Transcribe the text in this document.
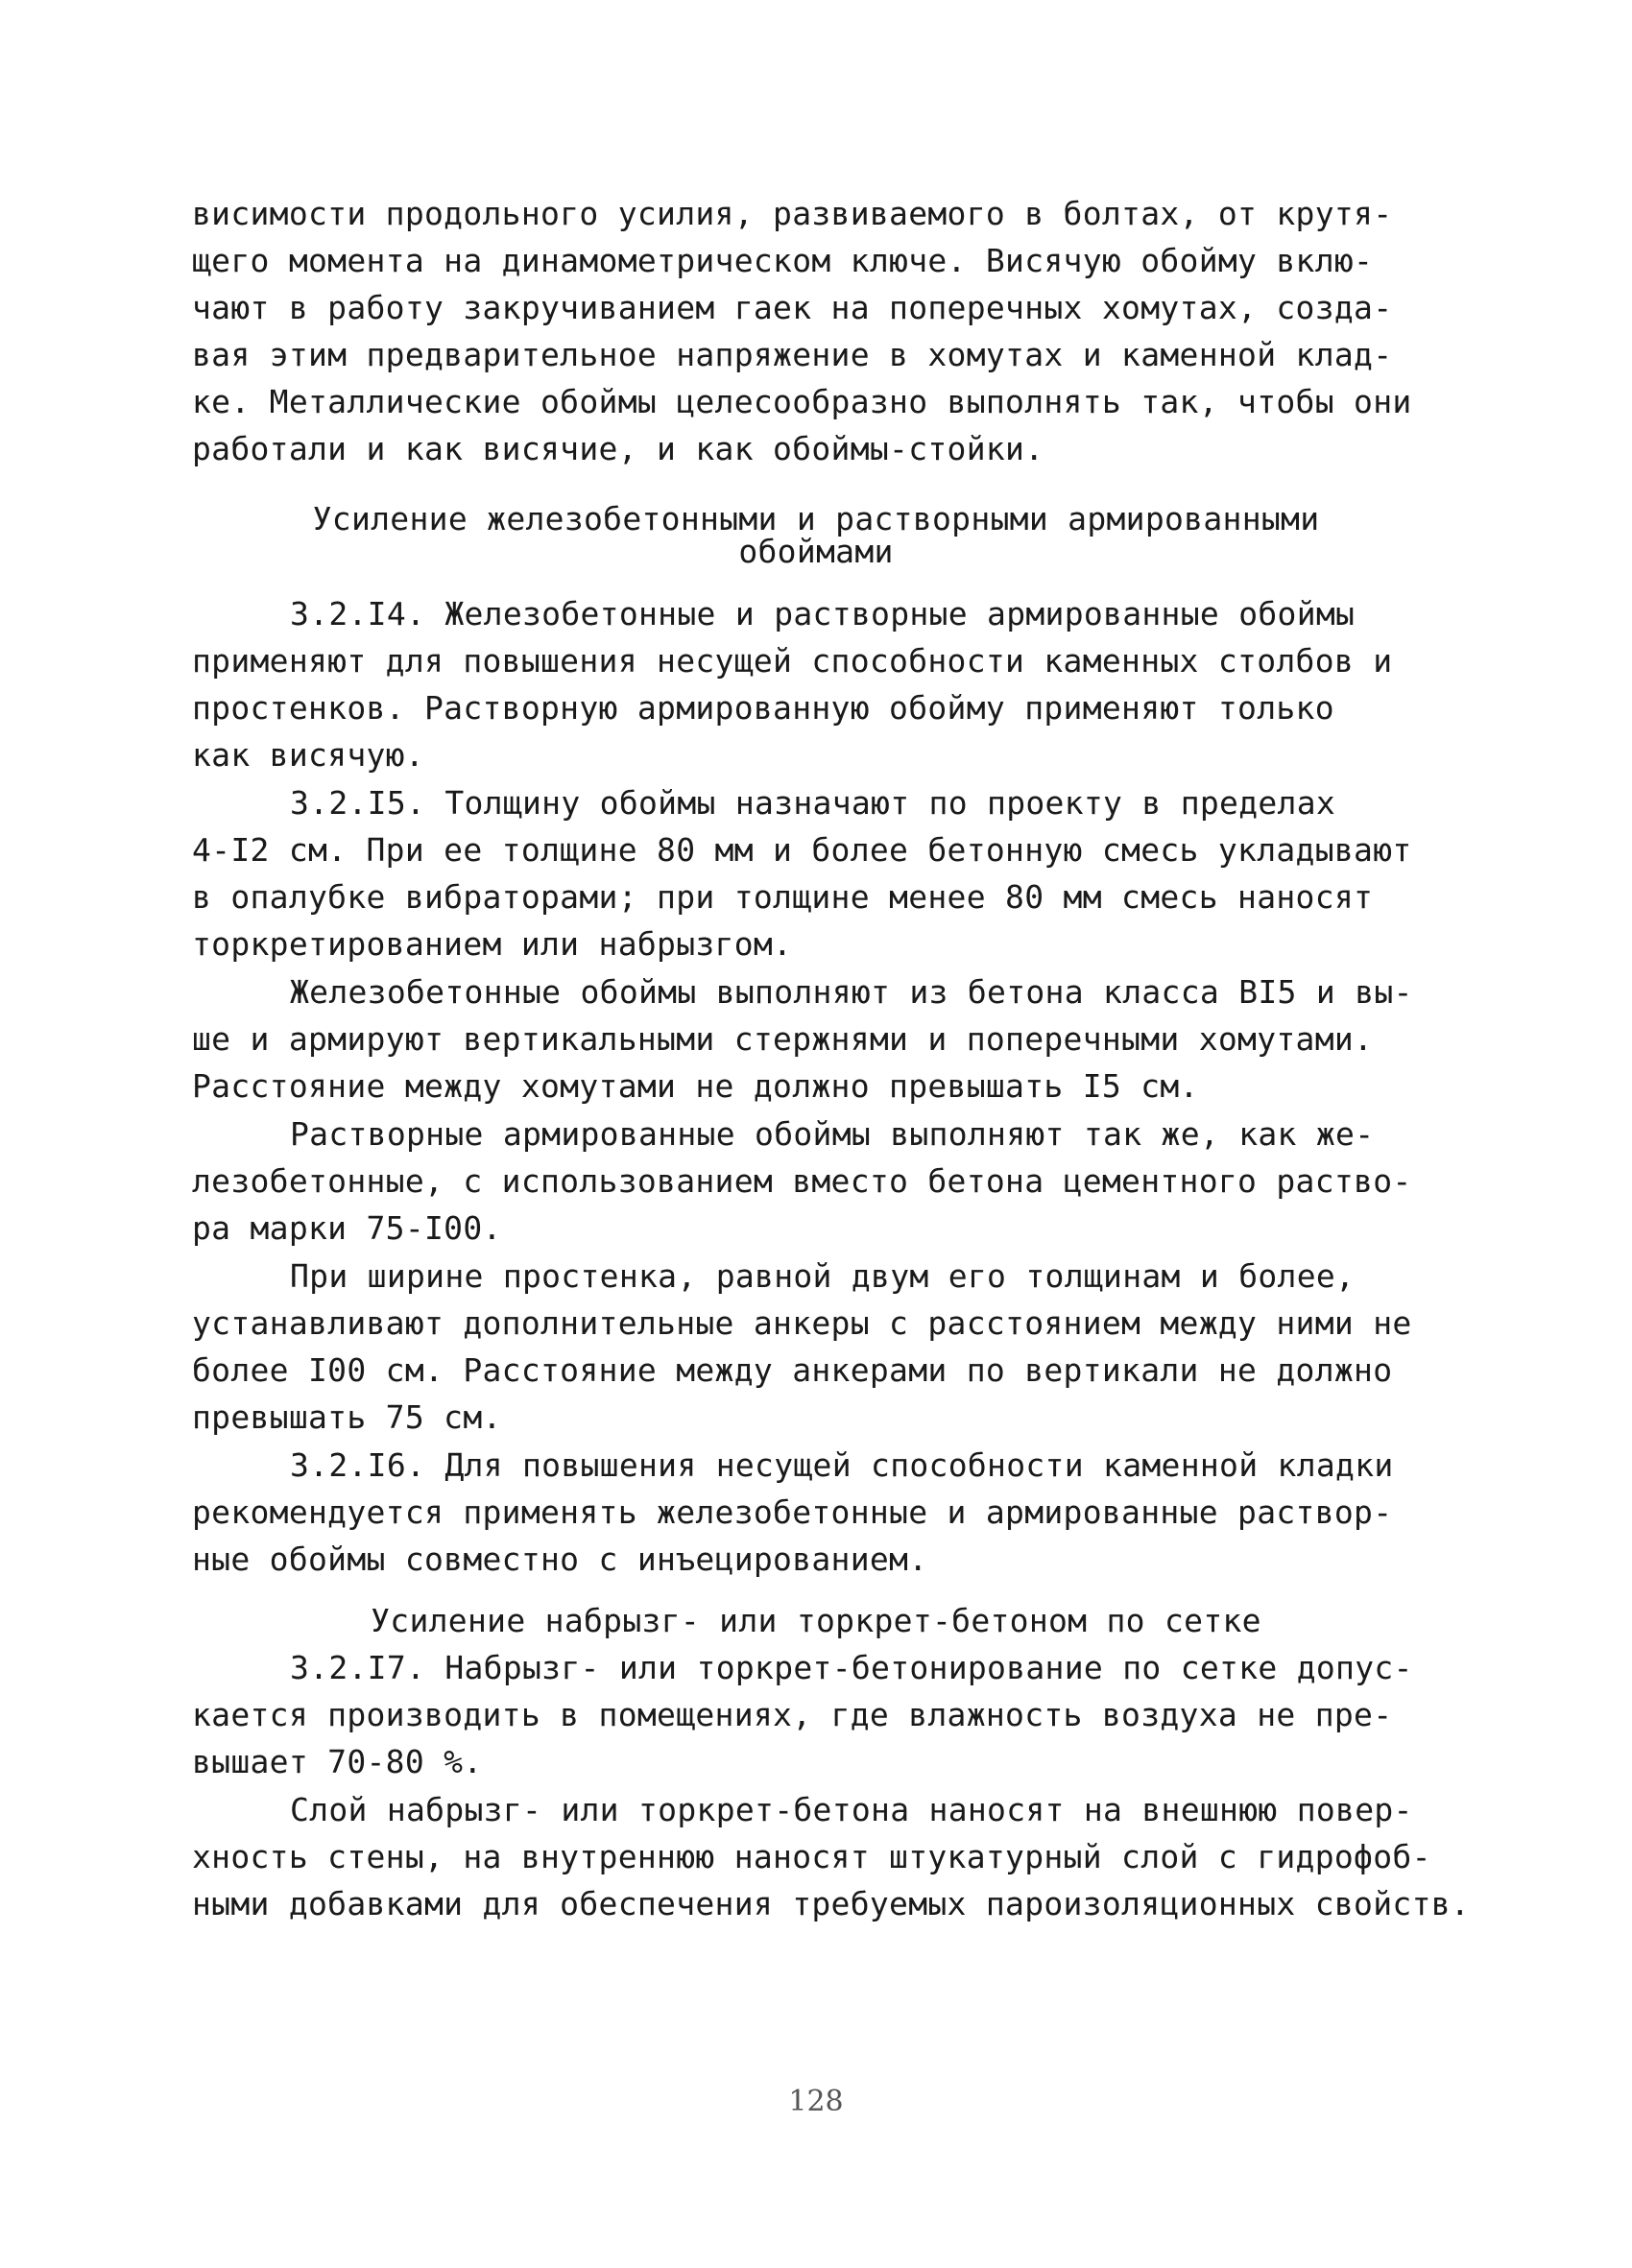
висимости продольного усилия, развиваемого в болтах, от крутя-
щего момента на динамометрическом ключе. Висячую обойму вклю-
чают в работу закручиванием гаек на поперечных хомутах, созда-
вая этим предварительное напряжение в хомутах и каменной клад-
ке. Металлические обоймы целесообразно выполнять так, чтобы они
работали и как висячие, и как обоймы-стойки.
Усиление железобетонными и растворными армированными
обоймами
3.2.I4. Железобетонные и растворные армированные обоймы
применяют для повышения несущей способности каменных столбов и
простенков. Растворную армированную обойму применяют только
как висячую.
3.2.I5. Толщину обоймы назначают по проекту в пределах
4-I2 см. При ее толщине 80 мм и более бетонную смесь укладывают
в опалубке вибраторами; при толщине менее 80 мм смесь наносят
торкретированием или набрызгом.
Железобетонные обоймы выполняют из бетона класса BI5 и вы-
ше и армируют вертикальными стержнями и поперечными хомутами.
Расстояние между хомутами не должно превышать I5 см.
Растворные армированные обоймы выполняют так же, как же-
лезобетонные, с использованием вместо бетона цементного раство-
ра марки 75-I00.
При ширине простенка, равной двум его толщинам и более,
устанавливают дополнительные анкеры с расстоянием между ними не
более I00 см. Расстояние между анкерами по вертикали не должно
превышать 75 см.
3.2.I6. Для повышения несущей способности каменной кладки
рекомендуется применять железобетонные и армированные раствор-
ные обоймы совместно с инъецированием.
Усиление набрызг- или торкрет-бетоном по сетке
3.2.I7. Набрызг- или торкрет-бетонирование по сетке допус-
кается производить в помещениях, где влажность воздуха не пре-
вышает 70-80 %.
Слой набрызг- или торкрет-бетона наносят на внешнюю повер-
хность стены, на внутреннюю наносят штукатурный слой с гидрофоб-
ными добавками для обеспечения требуемых пароизоляционных свойств.
128
